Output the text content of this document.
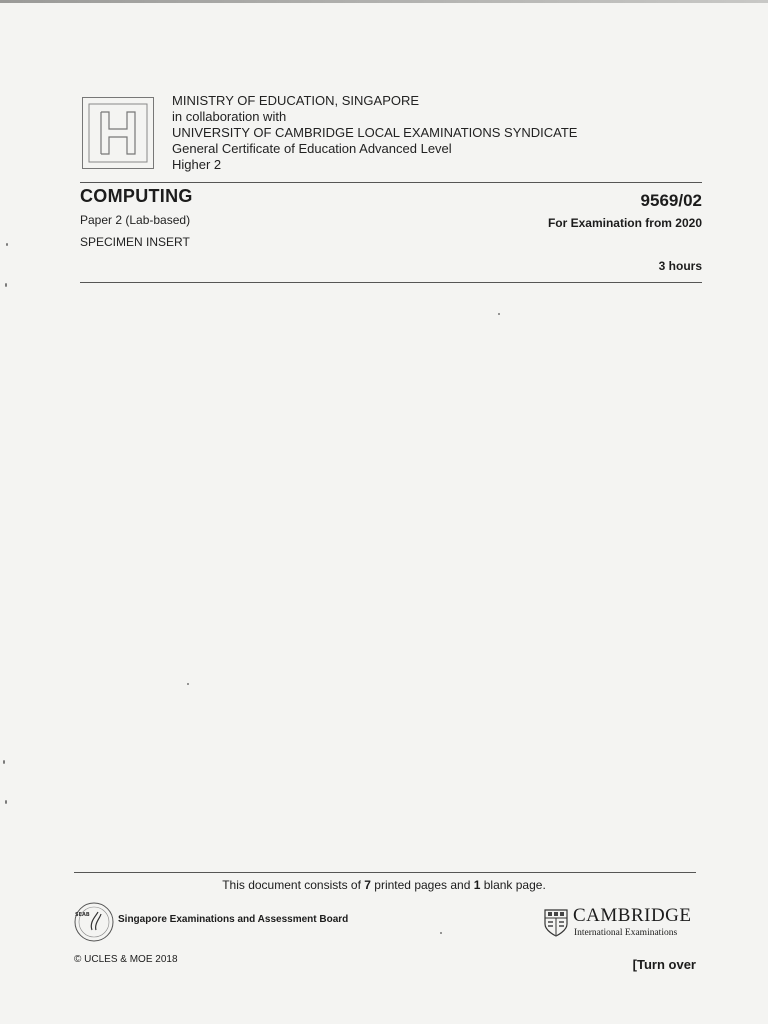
MINISTRY OF EDUCATION, SINGAPORE
in collaboration with
UNIVERSITY OF CAMBRIDGE LOCAL EXAMINATIONS SYNDICATE
General Certificate of Education Advanced Level
Higher 2
COMPUTING
Paper 2 (Lab-based)
SPECIMEN INSERT
9569/02
For Examination from 2020
3 hours
This document consists of 7 printed pages and 1 blank page.
SEAB	Singapore Examinations and Assessment Board	CAMBRIDGE
International Examinations
© UCLES & MOE 2018	[Turn over
